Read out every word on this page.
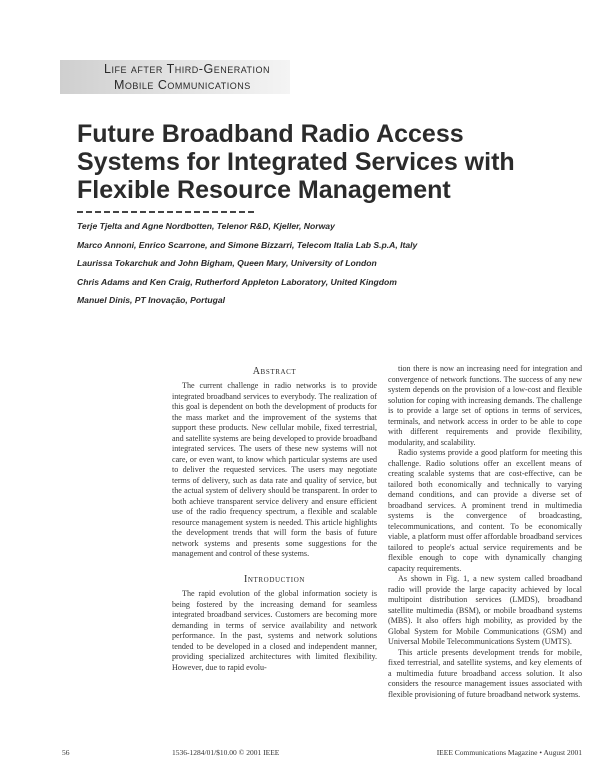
Life after Third-Generation
Mobile Communications
Future Broadband Radio Access Systems for Integrated Services with Flexible Resource Management
Terje Tjelta and Agne Nordbotten, Telenor R&D, Kjeller, Norway
Marco Annoni, Enrico Scarrone, and Simone Bizzarri, Telecom Italia Lab S.p.A, Italy
Laurissa Tokarchuk and John Bigham, Queen Mary, University of London
Chris Adams and Ken Craig, Rutherford Appleton Laboratory, United Kingdom
Manuel Dinis, PT Inovação, Portugal
Abstract

The current challenge in radio networks is to provide integrated broadband services to everybody. The realization of this goal is dependent on both the development of products for the mass market and the improvement of the systems that support these products. New cellular mobile, fixed terrestrial, and satellite systems are being developed to provide broadband integrated services. The users of these new systems will not care, or even want, to know which particular systems are used to deliver the requested services. The users may negotiate terms of delivery, such as data rate and quality of service, but the actual system of delivery should be transparent. In order to both achieve transparent service delivery and ensure efficient use of the radio frequency spectrum, a flexible and scalable resource management system is needed. This article highlights the development trends that will form the basis of future network systems and presents some suggestions for the management and control of these systems.

Introduction

The rapid evolution of the global information society is being fostered by the increasing demand for seamless integrated broadband services. Customers are becoming more demanding in terms of service availability and network performance. In the past, systems and network solutions tended to be developed in a closed and independent manner, providing specialized architectures with limited flexibility. However, due to rapid evolu-

tion there is now an increasing need for integration and convergence of network functions. The success of any new system depends on the provision of a low-cost and flexible solution for coping with increasing demands. The challenge is to provide a large set of options in terms of services, terminals, and network access in order to be able to cope with different requirements and provide flexibility, modularity, and scalability.

Radio systems provide a good platform for meeting this challenge. Radio solutions offer an excellent means of creating scalable systems that are cost-effective, can be tailored both economically and technically to varying demand conditions, and can provide a diverse set of broadband services. A prominent trend in multimedia systems is the convergence of broadcasting, telecommunications, and content. To be economically viable, a platform must offer affordable broadband services tailored to people's actual service requirements and be flexible enough to cope with dynamically changing capacity requirements.

As shown in Fig. 1, a new system called broadband radio will provide the large capacity achieved by local multipoint distribution services (LMDS), broadband satellite multimedia (BSM), or mobile broadband systems (MBS). It also offers high mobility, as provided by the Global System for Mobile Communications (GSM) and Universal Mobile Telecommunications System (UMTS).

This article presents development trends for mobile, fixed terrestrial, and satellite systems, and key elements of a multimedia future broadband access solution. It also considers the resource management issues associated with flexible provisioning of future broadband network systems.

56	1536-1284/01/$10.00 © 2001 IEEE	IEEE Communications Magazine • August 2001
